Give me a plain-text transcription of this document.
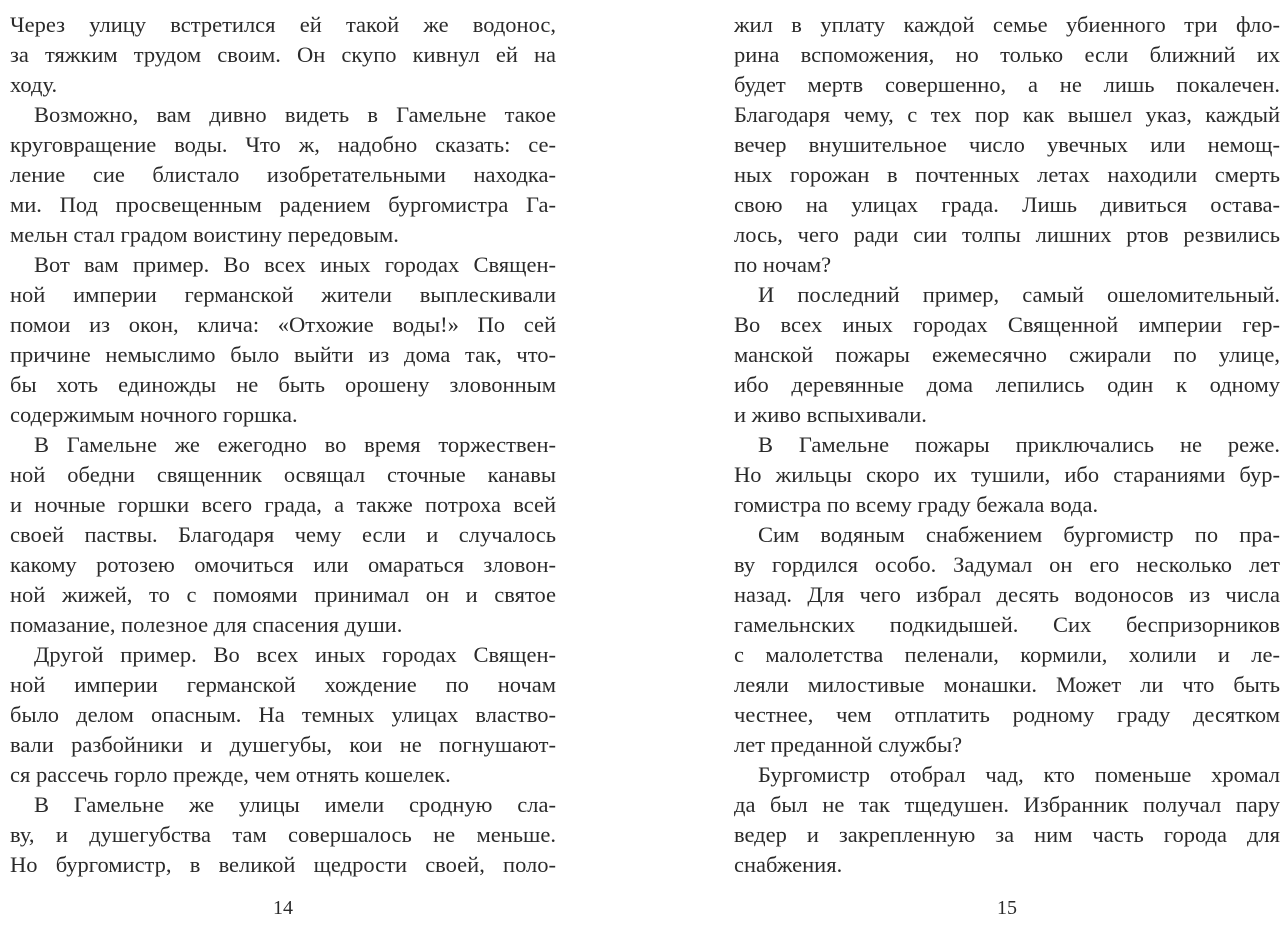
Через улицу встретился ей такой же водонос,
за тяжким трудом своим. Он скупо кивнул ей на
ходу.
Возможно, вам дивно видеть в Гамельне такое
круговращение воды. Что ж, надобно сказать: се-
ление сие блистало изобретательными находка-
ми. Под просвещенным радением бургомистра Га-
мельн стал градом воистину передовым.
Вот вам пример. Во всех иных городах Священ-
ной империи германской жители выплескивали
помои из окон, клича: «Отхожие воды!» По сей
причине немыслимо было выйти из дома так, что-
бы хоть единожды не быть орошену зловонным
содержимым ночного горшка.
В Гамельне же ежегодно во время торжествен-
ной обедни священник освящал сточные канавы
и ночные горшки всего града, а также потроха всей
своей паствы. Благодаря чему если и случалось
какому ротозею омочиться или омараться зловон-
ной жижей, то с помоями принимал он и святое
помазание, полезное для спасения души.
Другой пример. Во всех иных городах Священ-
ной империи германской хождение по ночам
было делом опасным. На темных улицах властво-
вали разбойники и душегубы, кои не погнушают-
ся рассечь горло прежде, чем отнять кошелек.
В Гамельне же улицы имели сродную сла-
ву, и душегубства там совершалось не меньше.
Но бургомистр, в великой щедрости своей, поло-
14
жил в уплату каждой семье убиенного три фло-
рина вспоможения, но только если ближний их
будет мертв совершенно, а не лишь покалечен.
Благодаря чему, с тех пор как вышел указ, каждый
вечер внушительное число увечных или немощ-
ных горожан в почтенных летах находили смерть
свою на улицах града. Лишь дивиться остава-
лось, чего ради сии толпы лишних ртов резвились
по ночам?
И последний пример, самый ошеломительный.
Во всех иных городах Священной империи гер-
манской пожары ежемесячно сжирали по улице,
ибо деревянные дома лепились один к одному
и живо вспыхивали.
В Гамельне пожары приключались не реже.
Но жильцы скоро их тушили, ибо стараниями бур-
гомистра по всему граду бежала вода.
Сим водяным снабжением бургомистр по пра-
ву гордился особо. Задумал он его несколько лет
назад. Для чего избрал десять водоносов из числа
гамельнских подкидышей. Сих беспризорников
с малолетства пеленали, кормили, холили и ле-
леяли милостивые монашки. Может ли что быть
честнее, чем отплатить родному граду десятком
лет преданной службы?
Бургомистр отобрал чад, кто поменьше хромал
да был не так тщедушен. Избранник получал пару
ведер и закрепленную за ним часть города для
снабжения.
15
